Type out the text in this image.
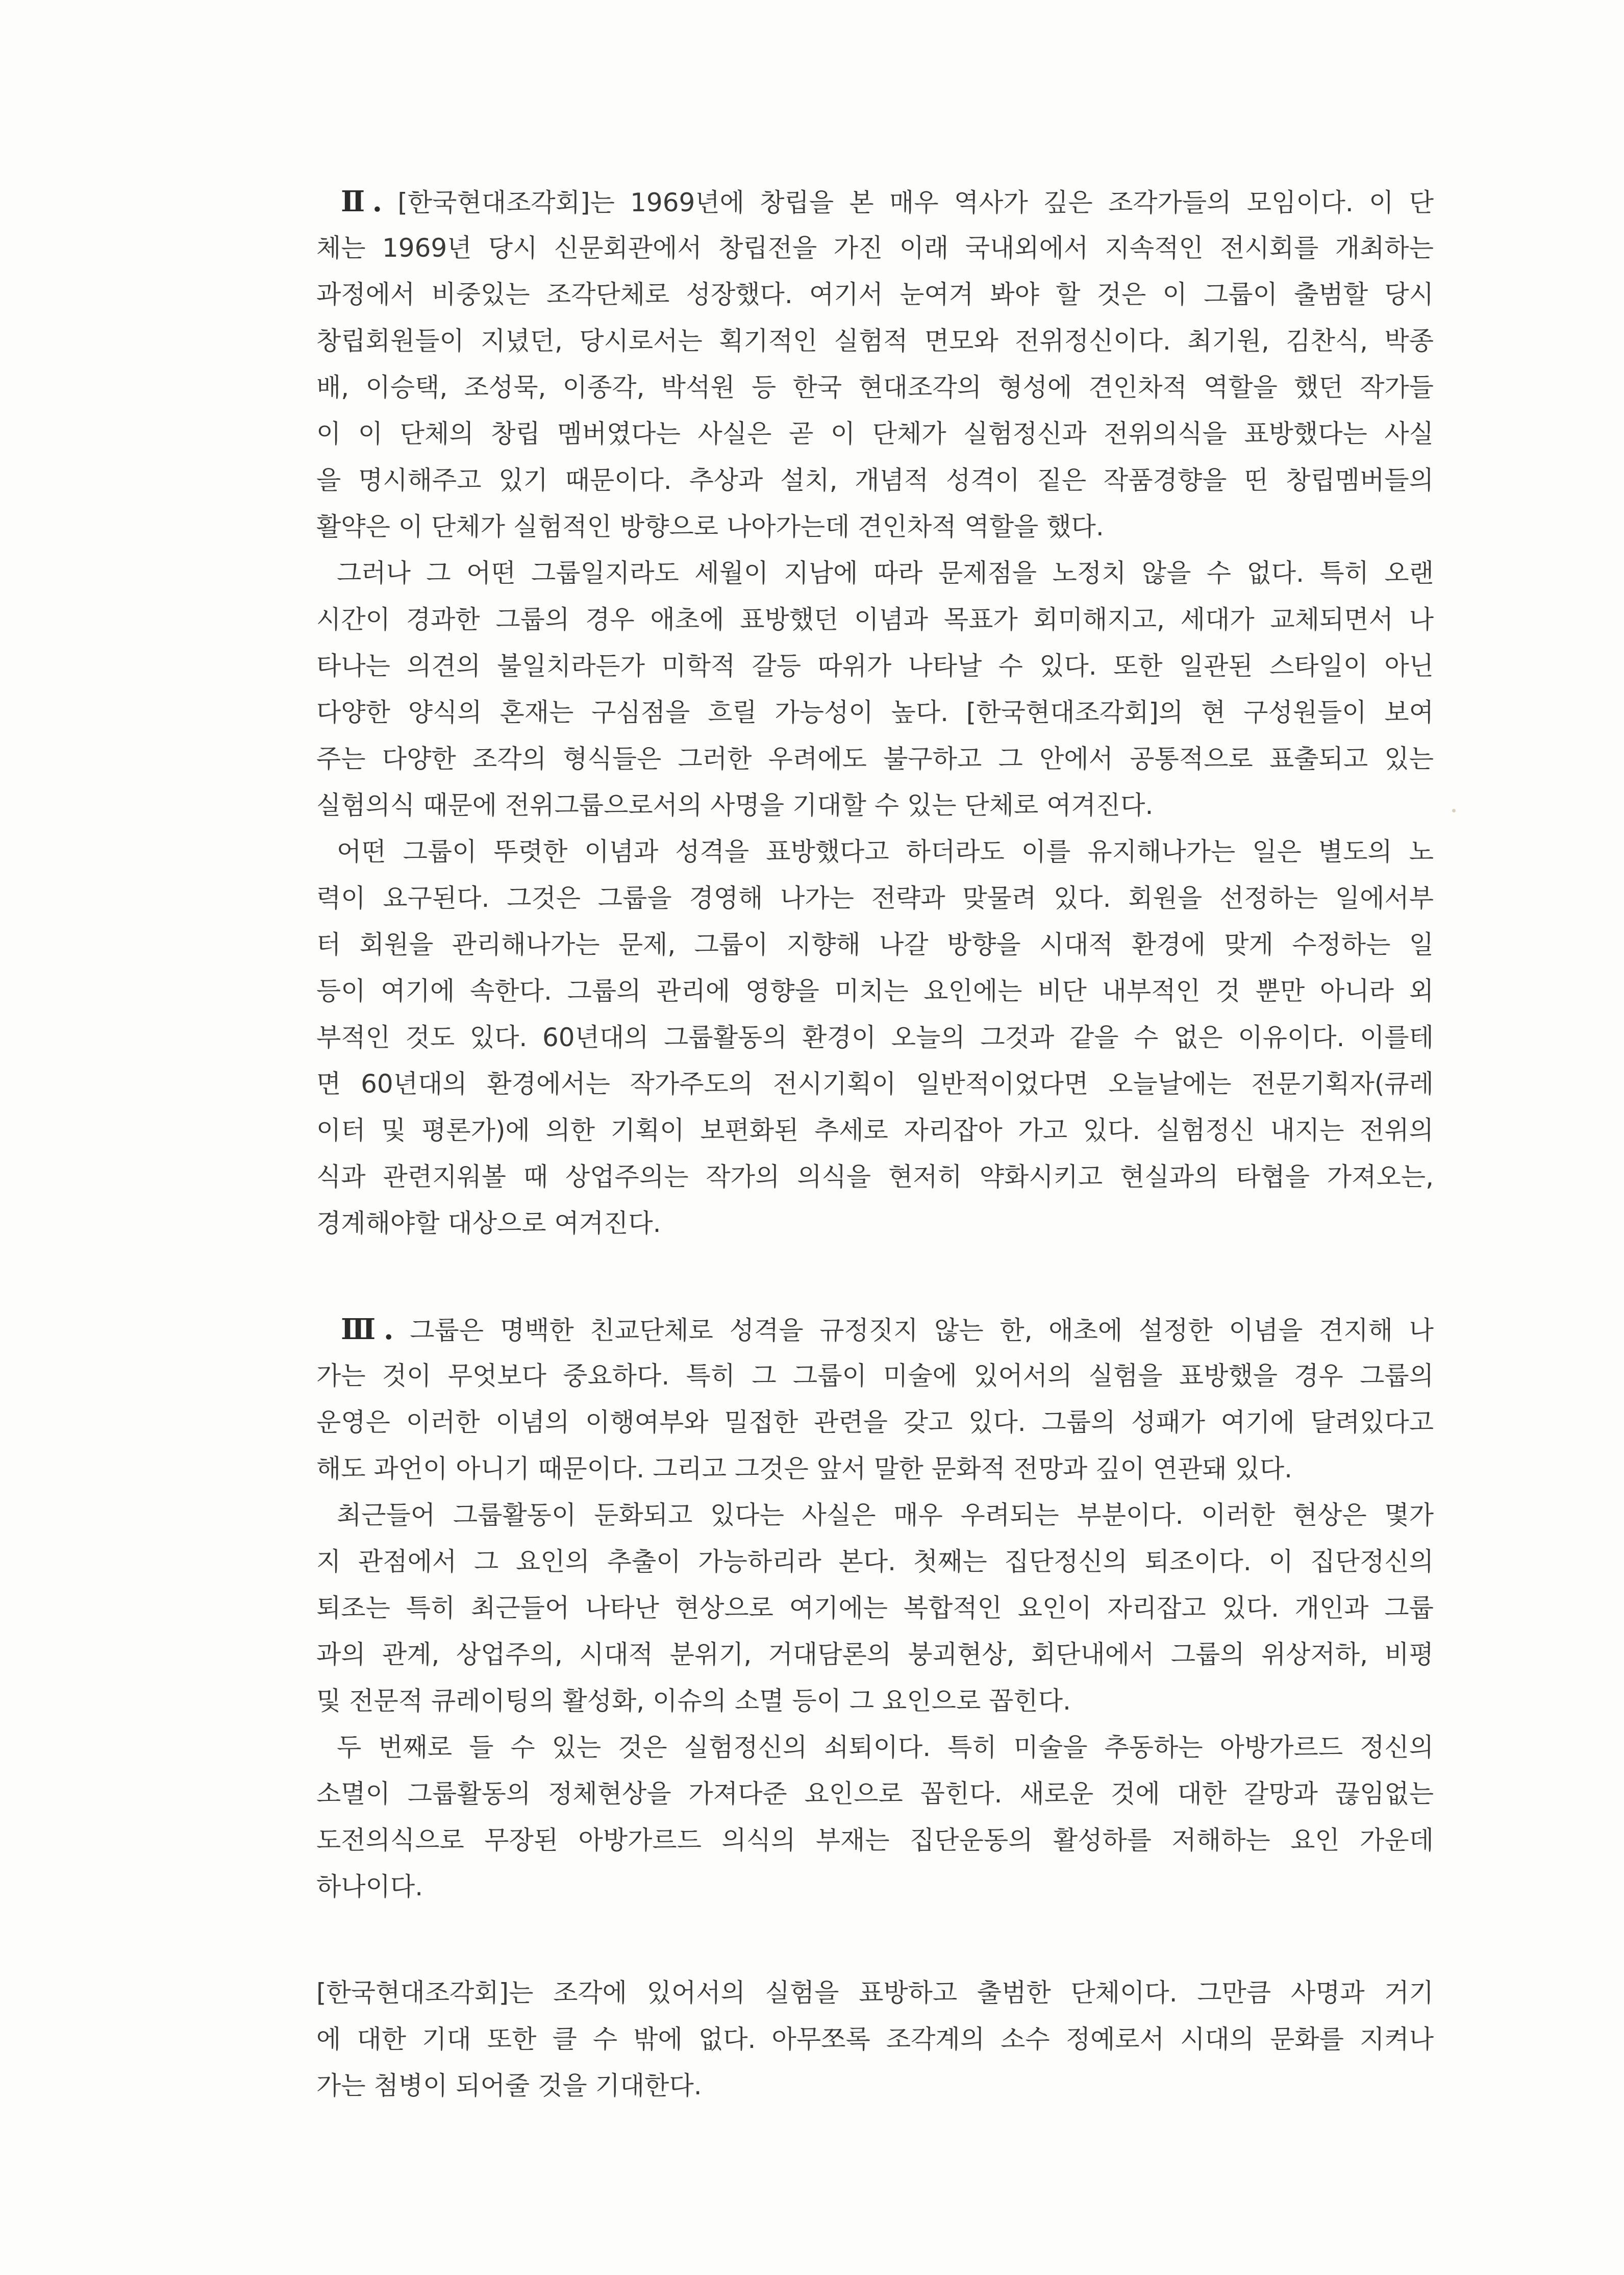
Ⅱ. [한국현대조각회]는 1969년에 창립을 본 매우 역사가 깊은 조각가들의 모임이다. 이 단
체는 1969년 당시 신문회관에서 창립전을 가진 이래 국내외에서 지속적인 전시회를 개최하는
과정에서 비중있는 조각단체로 성장했다. 여기서 눈여겨 봐야 할 것은 이 그룹이 출범할 당시
창립회원들이 지녔던, 당시로서는 획기적인 실험적 면모와 전위정신이다. 최기원, 김찬식, 박종
배, 이승택, 조성묵, 이종각, 박석원 등 한국 현대조각의 형성에 견인차적 역할을 했던 작가들
이 이 단체의 창립 멤버였다는 사실은 곧 이 단체가 실험정신과 전위의식을 표방했다는 사실
을 명시해주고 있기 때문이다. 추상과 설치, 개념적 성격이 짙은 작품경향을 띤 창립멤버들의
활약은 이 단체가 실험적인 방향으로 나아가는데 견인차적 역할을 했다.
그러나 그 어떤 그룹일지라도 세월이 지남에 따라 문제점을 노정치 않을 수 없다. 특히 오랜
시간이 경과한 그룹의 경우 애초에 표방했던 이념과 목표가 회미해지고, 세대가 교체되면서 나
타나는 의견의 불일치라든가 미학적 갈등 따위가 나타날 수 있다. 또한 일관된 스타일이 아닌
다양한 양식의 혼재는 구심점을 흐릴 가능성이 높다. [한국현대조각회]의 현 구성원들이 보여
주는 다양한 조각의 형식들은 그러한 우려에도 불구하고 그 안에서 공통적으로 표출되고 있는
실험의식 때문에 전위그룹으로서의 사명을 기대할 수 있는 단체로 여겨진다.
어떤 그룹이 뚜렷한 이념과 성격을 표방했다고 하더라도 이를 유지해나가는 일은 별도의 노
력이 요구된다. 그것은 그룹을 경영해 나가는 전략과 맞물려 있다. 회원을 선정하는 일에서부
터 회원을 관리해나가는 문제, 그룹이 지향해 나갈 방향을 시대적 환경에 맞게 수정하는 일
등이 여기에 속한다. 그룹의 관리에 영향을 미치는 요인에는 비단 내부적인 것 뿐만 아니라 외
부적인 것도 있다. 60년대의 그룹활동의 환경이 오늘의 그것과 같을 수 없은 이유이다. 이를테
면 60년대의 환경에서는 작가주도의 전시기획이 일반적이었다면 오늘날에는 전문기획자(큐레
이터 및 평론가)에 의한 기획이 보편화된 추세로 자리잡아 가고 있다. 실험정신 내지는 전위의
식과 관련지워볼 때 상업주의는 작가의 의식을 현저히 약화시키고 현실과의 타협을 가져오는,
경계해야할 대상으로 여겨진다.
Ⅲ. 그룹은 명백한 친교단체로 성격을 규정짓지 않는 한, 애초에 설정한 이념을 견지해 나
가는 것이 무엇보다 중요하다. 특히 그 그룹이 미술에 있어서의 실험을 표방했을 경우 그룹의
운영은 이러한 이념의 이행여부와 밀접한 관련을 갖고 있다. 그룹의 성패가 여기에 달려있다고
해도 과언이 아니기 때문이다. 그리고 그것은 앞서 말한 문화적 전망과 깊이 연관돼 있다.
최근들어 그룹활동이 둔화되고 있다는 사실은 매우 우려되는 부분이다. 이러한 현상은 몇가
지 관점에서 그 요인의 추출이 가능하리라 본다. 첫째는 집단정신의 퇴조이다. 이 집단정신의
퇴조는 특히 최근들어 나타난 현상으로 여기에는 복합적인 요인이 자리잡고 있다. 개인과 그룹
과의 관계, 상업주의, 시대적 분위기, 거대담론의 붕괴현상, 회단내에서 그룹의 위상저하, 비평
및 전문적 큐레이팅의 활성화, 이슈의 소멸 등이 그 요인으로 꼽힌다.
두 번째로 들 수 있는 것은 실험정신의 쇠퇴이다. 특히 미술을 추동하는 아방가르드 정신의
소멸이 그룹활동의 정체현상을 가져다준 요인으로 꼽힌다. 새로운 것에 대한 갈망과 끊임없는
도전의식으로 무장된 아방가르드 의식의 부재는 집단운동의 활성하를 저해하는 요인 가운데
하나이다.
[한국현대조각회]는 조각에 있어서의 실험을 표방하고 출범한 단체이다. 그만큼 사명과 거기
에 대한 기대 또한 클 수 밖에 없다. 아무쪼록 조각계의 소수 정예로서 시대의 문화를 지켜나
가는 첨병이 되어줄 것을 기대한다.
